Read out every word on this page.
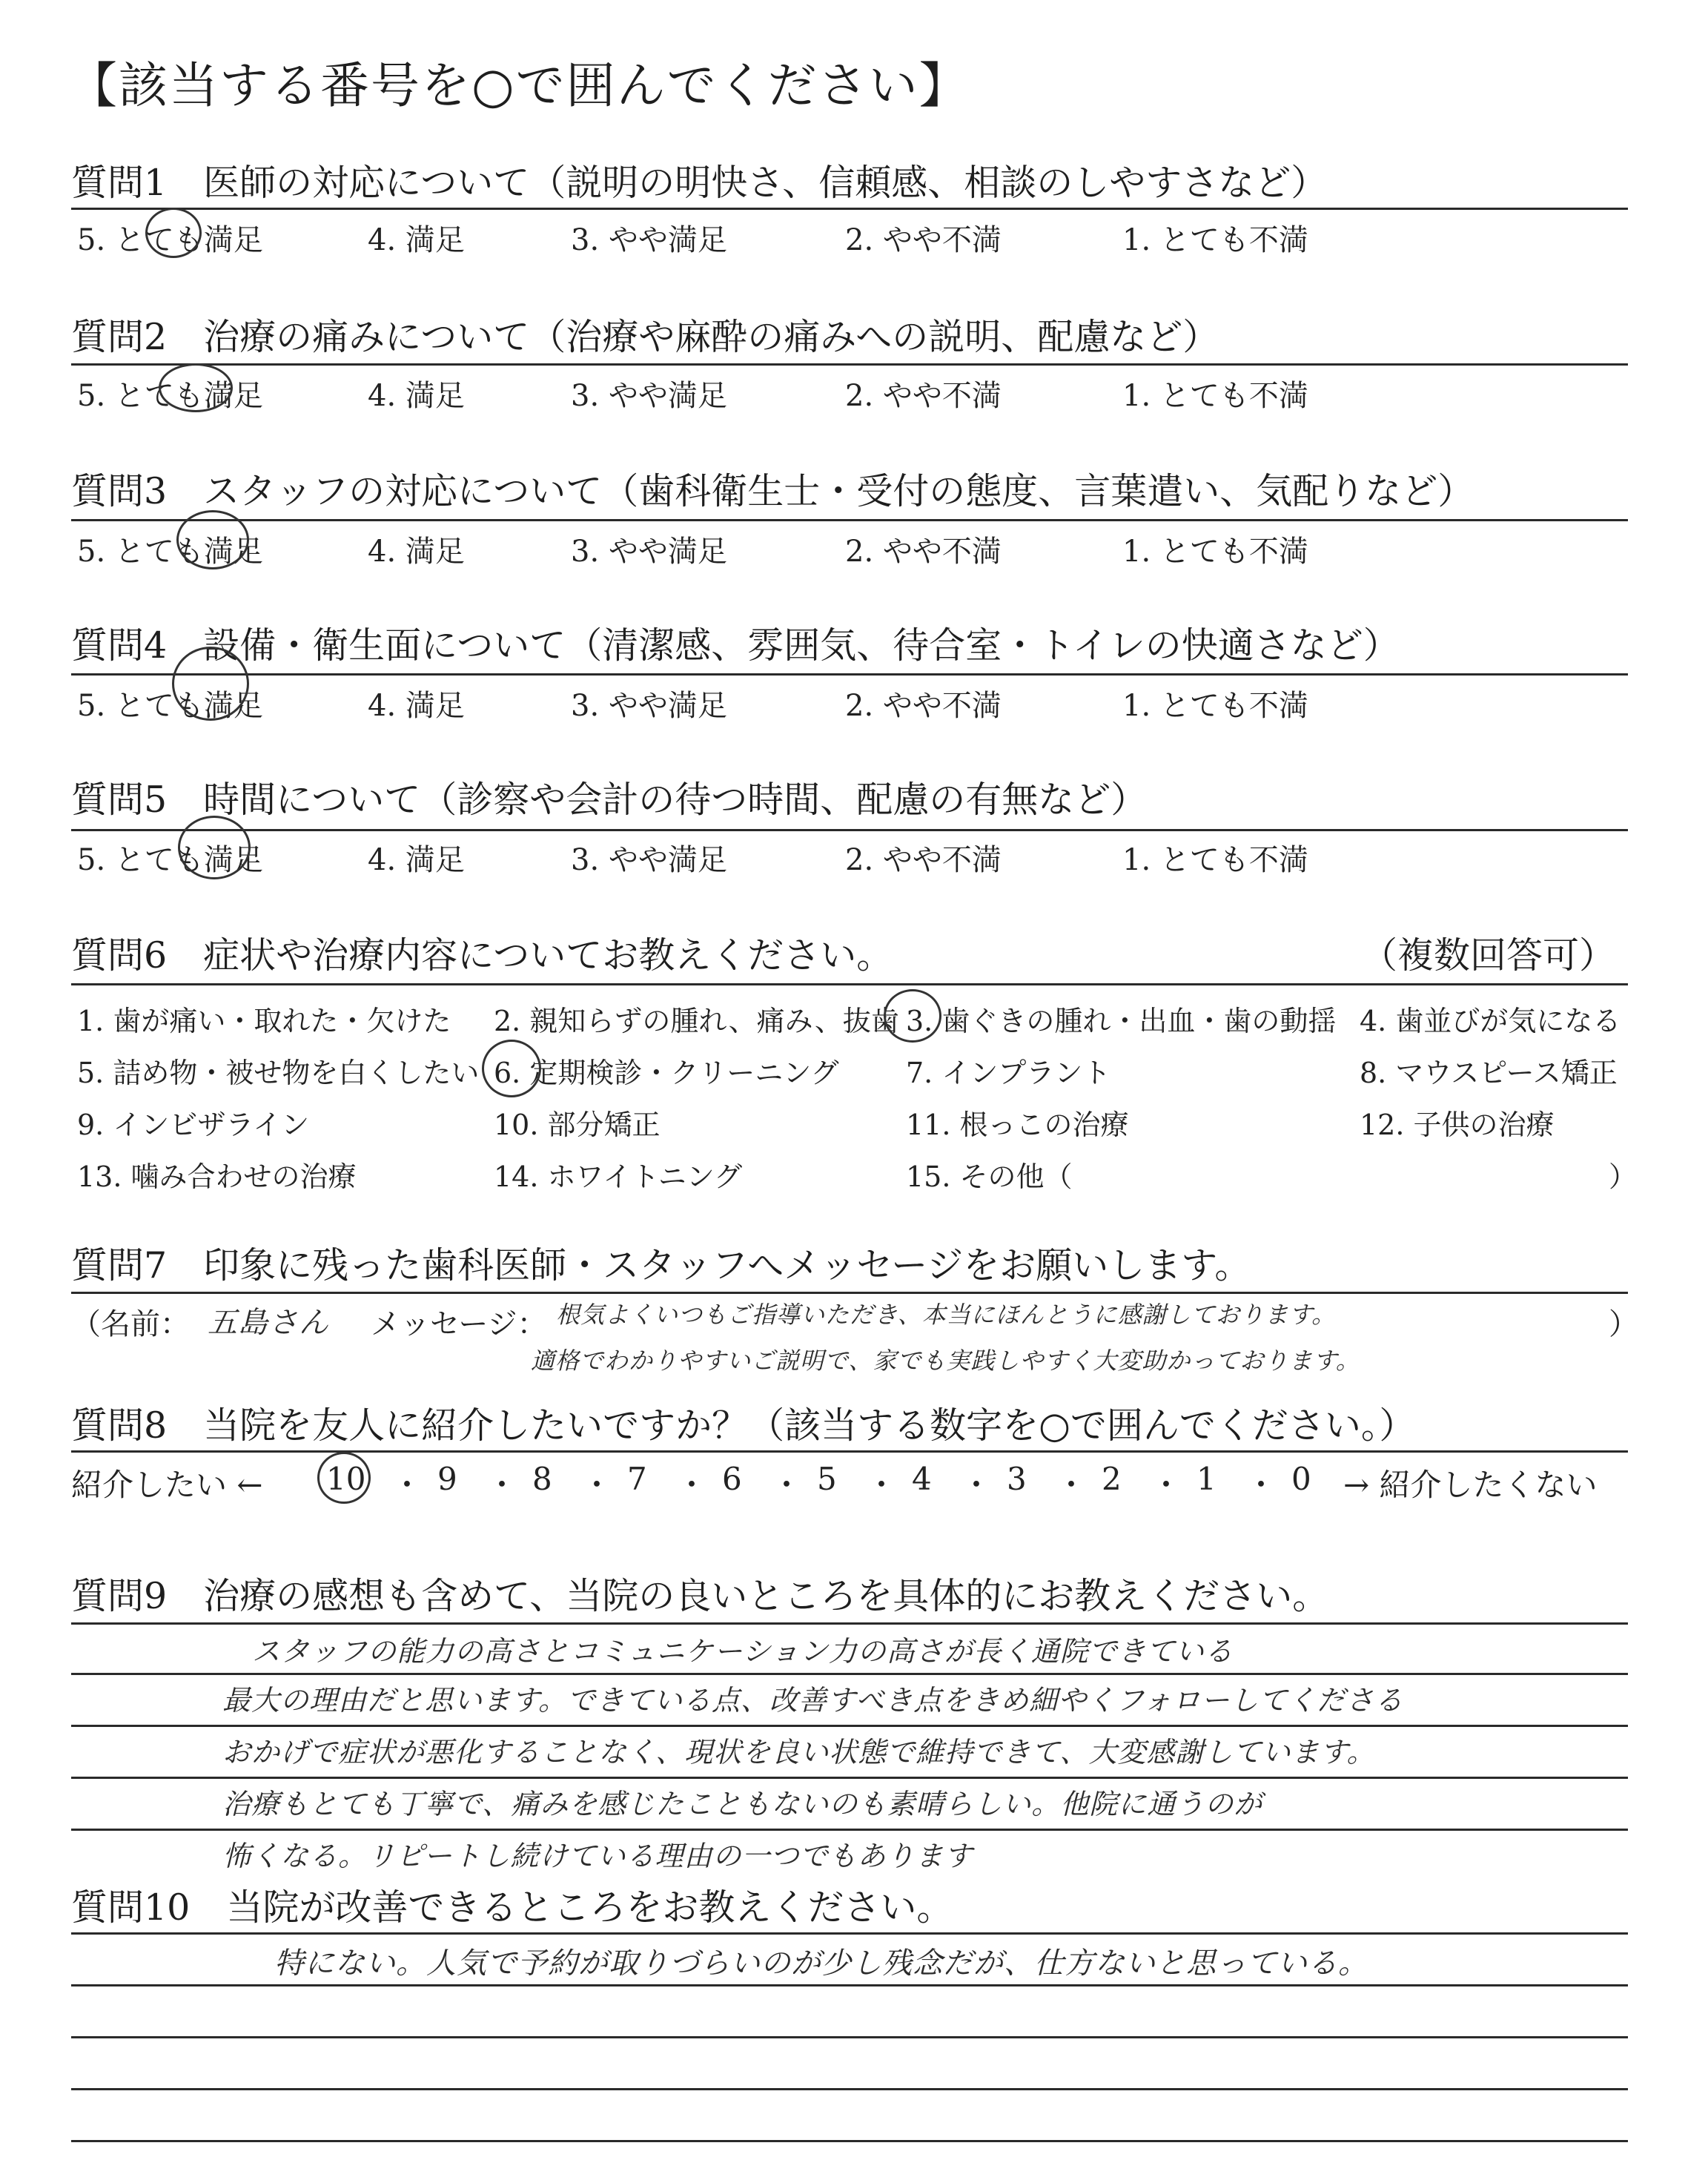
【該当する番号を○で囲んでください】
質問1　医師の対応について（説明の明快さ、信頼感、相談のしやすさなど）
5. とても満足	4. 満足	3. やや満足	2. やや不満	1. とても不満
質問2　治療の痛みについて（治療や麻酔の痛みへの説明、配慮など）
5. とても満足	4. 満足	3. やや満足	2. やや不満	1. とても不満
質問3　スタッフの対応について（歯科衛生士・受付の態度、言葉遣い、気配りなど）
5. とても満足	4. 満足	3. やや満足	2. やや不満	1. とても不満
質問4　設備・衛生面について（清潔感、雰囲気、待合室・トイレの快適さなど）
5. とても満足	4. 満足	3. やや満足	2. やや不満	1. とても不満
質問5　時間について（診察や会計の待つ時間、配慮の有無など）
5. とても満足	4. 満足	3. やや満足	2. やや不満	1. とても不満
質問6　症状や治療内容についてお教えください。	（複数回答可）
1. 歯が痛い・取れた・欠けた 2. 親知らずの腫れ、痛み、抜歯 3. 歯ぐきの腫れ・出血・歯の動揺 4. 歯並びが気になる
5. 詰め物・被せ物を白くしたい 6. 定期検診・クリーニング 7. インプラント	8. マウスピース矯正
9. インビザライン	10. 部分矯正	11. 根っこの治療	12. 子供の治療
13. 噛み合わせの治療	14. ホワイトニング	15. その他（	）
質問7　印象に残った歯科医師・スタッフへメッセージをお願いします。
（名前： 五島さん メッセージ： 根気よくいつもご指導いただき、本当にほんとうに感謝しております。
適格でわかりやすいご説明で、家でも実践しやすく大変助かっております。
）
質問8　当院を友人に紹介したいですか？（該当する数字を○で囲んでください。）
紹介したい ← 10 ・ 9 ・ 8 ・ 7 ・ 6 ・ 5 ・ 4 ・ 3 ・ 2 ・ 1 ・ 0 → 紹介したくない
質問9　治療の感想も含めて、当院の良いところを具体的にお教えください。
スタッフの能力の高さとコミュニケーション力の高さが長く通院できている
最大の理由だと思います。できている点、改善すべき点をきめ細やくフォローしてくださる
おかげで症状が悪化することなく、現状を良い状態で維持できて、大変感謝しています。
治療もとても丁寧で、痛みを感じたこともないのも素晴らしい。他院に通うのが
怖くなる。リピートし続けている理由の一つでもあります
質問10　当院が改善できるところをお教えください。
特にない。人気で予約が取りづらいのが少し残念だが、仕方ないと思っている。
